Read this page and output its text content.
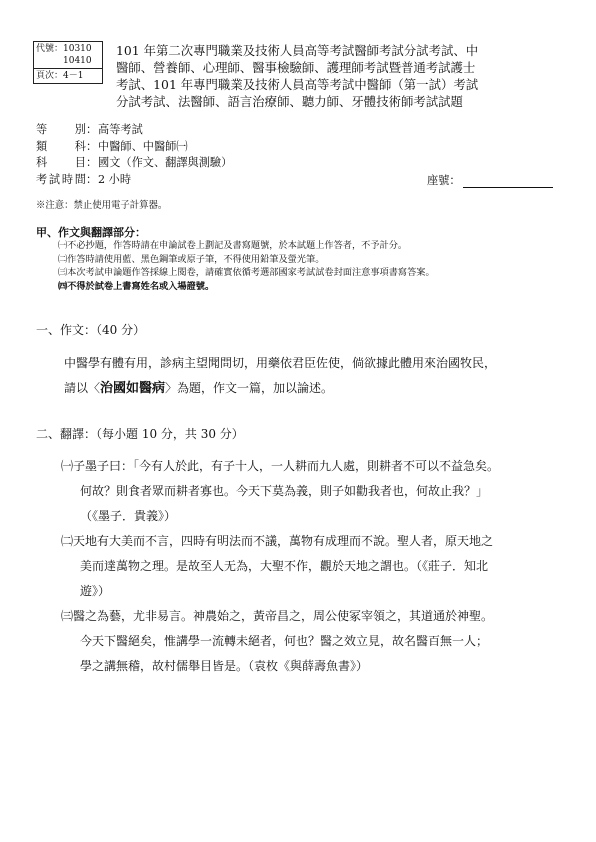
代號：10310
10410
頁次：4－1
101 年第二次專門職業及技術人員高等考試醫師考試分試考試、中
醫師、營養師、心理師、醫事檢驗師、護理師考試暨普通考試護士
考試、101 年專門職業及技術人員高等考試中醫師（第一試）考試
分試考試、法醫師、語言治療師、聽力師、牙體技術師考試試題
等別 ： 高等考試
類科 ： 中醫師、中醫師㈠
科目 ： 國文（作文、翻譯與測驗）
考試時間 ： 2 小時	座號：
※注意：禁止使用電子計算器。
甲、作文與翻譯部分：
㈠不必抄題，作答時請在申論試卷上劃記及書寫題號，於本試題上作答者，不予計分。
㈡作答時請使用藍、黑色鋼筆或原子筆，不得使用鉛筆及螢光筆。
㈢本次考試申論題作答採線上閱卷，請確實依循考選部國家考試試卷封面注意事項書寫答案。
㈣不得於試卷上書寫姓名或入場證號。
一、作文：（40 分）
中醫學有體有用，診病主望聞問切，用藥依君臣佐使，倘欲據此體用來治國牧民，
請以〈治國如醫病〉為題，作文一篇，加以論述。
二、翻譯：（每小題 10 分，共 30 分）
㈠子墨子曰：「今有人於此，有子十人，一人耕而九人處，則耕者不可以不益急矣。
何故？則食者眾而耕者寡也。今天下莫為義，則子如勸我者也，何故止我？」
（《墨子．貴義》）
㈡天地有大美而不言，四時有明法而不議，萬物有成理而不說。聖人者，原天地之
美而達萬物之理。是故至人无為，大聖不作，觀於天地之謂也。（《莊子．知北
遊》）
㈢醫之為藝，尤非易言。神農始之，黃帝昌之，周公使冢宰領之，其道通於神聖。
今天下醫絕矣，惟講學一流轉未絕者，何也？醫之效立見，故名醫百無一人；
學之講無稽，故村儒舉目皆是。（袁枚《與薛壽魚書》）
